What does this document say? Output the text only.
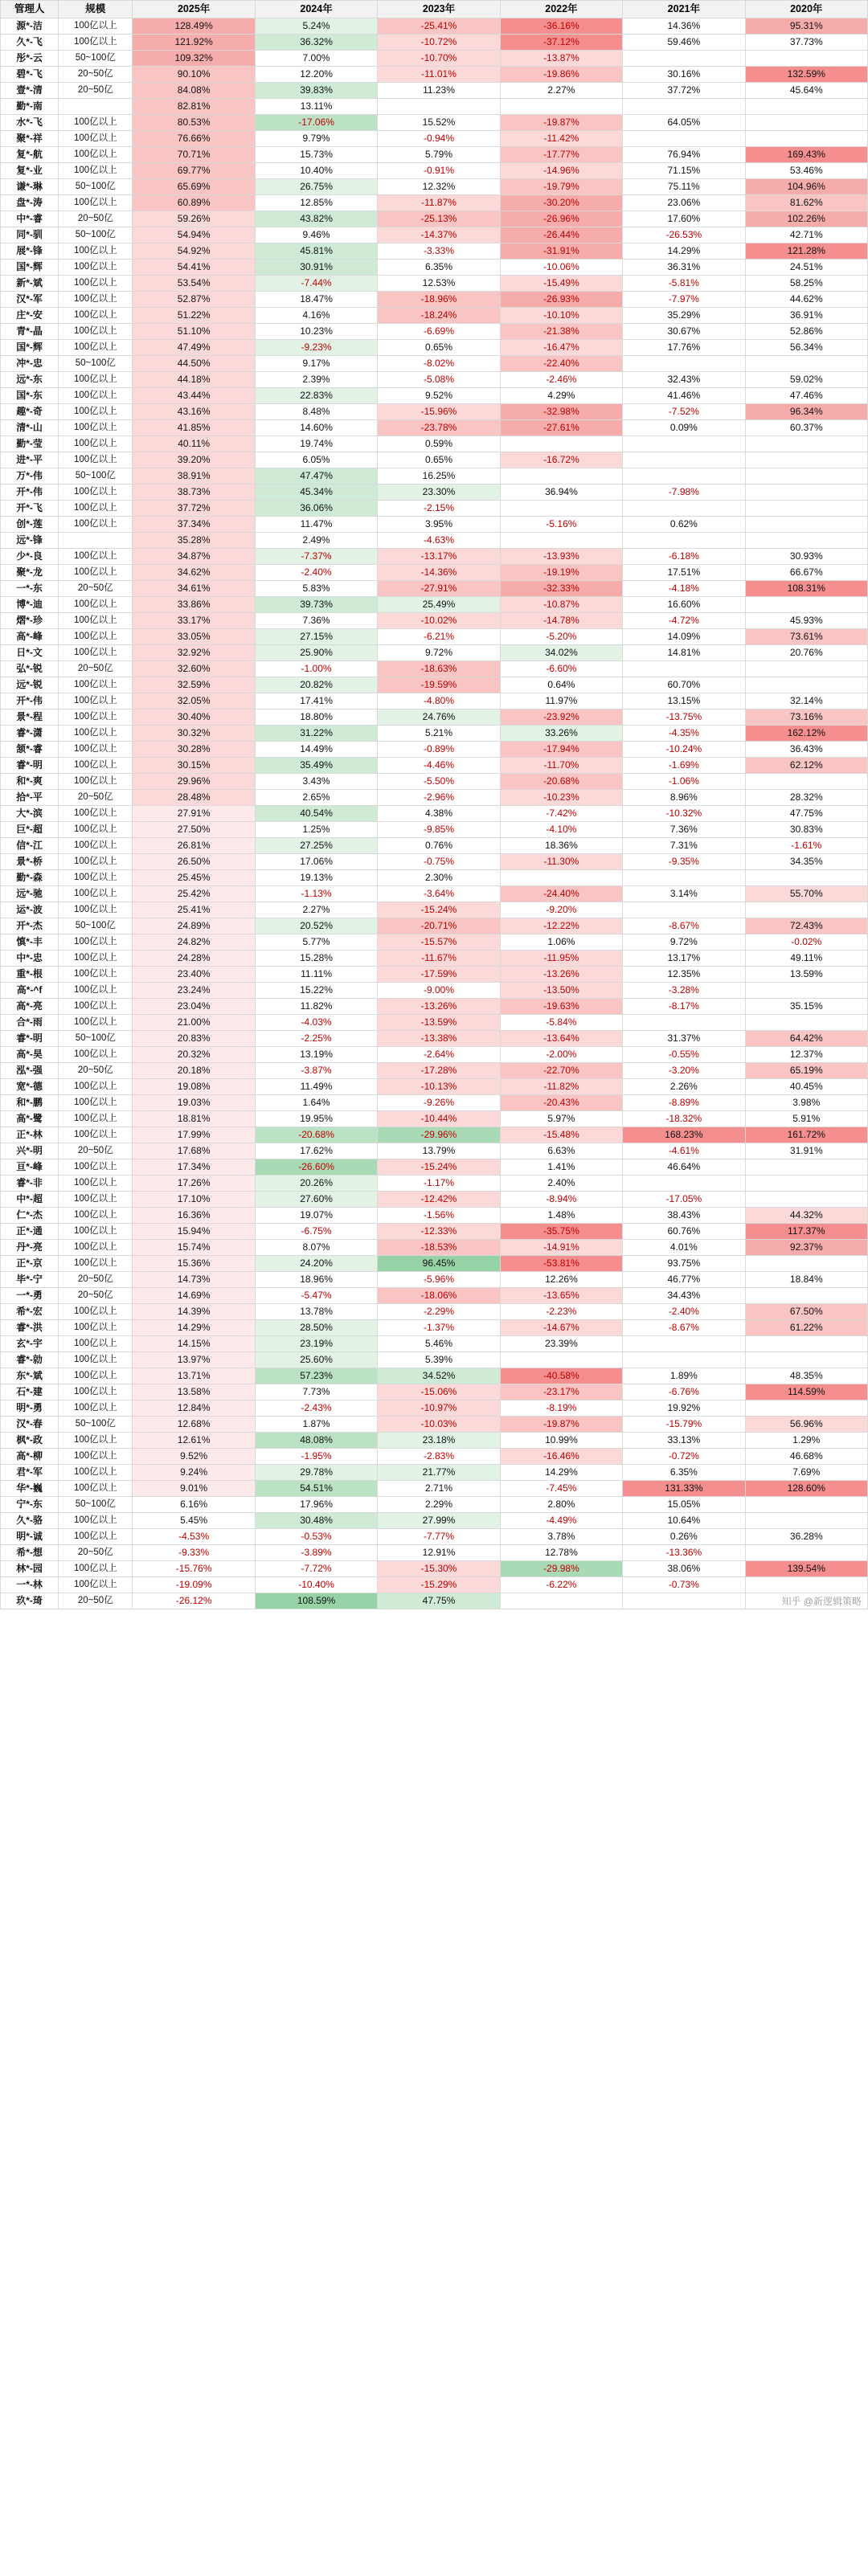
管理人	规模	2025年	2024年	2023年	2022年	2021年	2020年
源*-洁	100亿以上	128.49%	5.24%	-25.41%	-36.16%	14.36%	95.31%
久*-飞	100亿以上	121.92%	36.32%	-10.72%	-37.12%	59.46%	37.73%
彤*-云	50~100亿	109.32%	7.00%	-10.70%	-13.87%		
碧*-飞	20~50亿	90.10%	12.20%	-11.01%	-19.86%	30.16%	132.59%
壹*-清	20~50亿	84.08%	39.83%	11.23%	2.27%	37.72%	45.64%
勤*-南		82.81%	13.11%				
水*-飞	100亿以上	80.53%	-17.06%	15.52%	-19.87%	64.05%	
聚*-祥	100亿以上	76.66%	9.79%	-0.94%	-11.42%		
复*-航	100亿以上	70.71%	15.73%	5.79%	-17.77%	76.94%	169.43%
复*-业	100亿以上	69.77%	10.40%	-0.91%	-14.96%	71.15%	53.46%
谦*-琳	50~100亿	65.69%	26.75%	12.32%	-19.79%	75.11%	104.96%
盘*-涛	100亿以上	60.89%	12.85%	-11.87%	-30.20%	23.06%	81.62%
中*-睿	20~50亿	59.26%	43.82%	-25.13%	-26.96%	17.60%	102.26%
同*-驯	50~100亿	54.94%	9.46%	-14.37%	-26.44%	-26.53%	42.71%
展*-锋	100亿以上	54.92%	45.81%	-3.33%	-31.91%	14.29%	121.28%
国*-辉	100亿以上	54.41%	30.91%	6.35%	-10.06%	36.31%	24.51%
新*-斌	100亿以上	53.54%	-7.44%	12.53%	-15.49%	-5.81%	58.25%
汉*-军	100亿以上	52.87%	18.47%	-18.96%	-26.93%	-7.97%	44.62%
庄*-安	100亿以上	51.22%	4.16%	-18.24%	-10.10%	35.29%	36.91%
青*-晶	100亿以上	51.10%	10.23%	-6.69%	-21.38%	30.67%	52.86%
国*-辉	100亿以上	47.49%	-9.23%	0.65%	-16.47%	17.76%	56.34%
冲*-忠	50~100亿	44.50%	9.17%	-8.02%	-22.40%		
远*-东	100亿以上	44.18%	2.39%	-5.08%	-2.46%	32.43%	59.02%
国*-东	100亿以上	43.44%	22.83%	9.52%	4.29%	41.46%	47.46%
趣*-奇	100亿以上	43.16%	8.48%	-15.96%	-32.98%	-7.52%	96.34%
清*-山	100亿以上	41.85%	14.60%	-23.78%	-27.61%	0.09%	60.37%
勤*-莹	100亿以上	40.11%	19.74%	0.59%			
进*-平	100亿以上	39.20%	6.05%	0.65%	-16.72%		
万*-伟	50~100亿	38.91%	47.47%	16.25%			
开*-伟	100亿以上	38.73%	45.34%	23.30%	36.94%	-7.98%	
开*-飞	100亿以上	37.72%	36.06%	-2.15%			
创*-莲	100亿以上	37.34%	11.47%	3.95%	-5.16%	0.62%	
远*-锋		35.28%	2.49%	-4.63%			
少*-良	100亿以上	34.87%	-7.37%	-13.17%	-13.93%	-6.18%	30.93%
聚*-龙	100亿以上	34.62%	-2.40%	-14.36%	-19.19%	17.51%	66.67%
一*-东	20~50亿	34.61%	5.83%	-27.91%	-32.33%	-4.18%	108.31%
博*-迪	100亿以上	33.86%	39.73%	25.49%	-10.87%	16.60%	
熠*-珍	100亿以上	33.17%	7.36%	-10.02%	-14.78%	-4.72%	45.93%
高*-峰	100亿以上	33.05%	27.15%	-6.21%	-5.20%	14.09%	73.61%
日*-文	100亿以上	32.92%	25.90%	9.72%	34.02%	14.81%	20.76%
弘*-锐	20~50亿	32.60%	-1.00%	-18.63%	-6.60%		
远*-锐	100亿以上	32.59%	20.82%	-19.59%	0.64%	60.70%	
开*-伟	100亿以上	32.05%	17.41%	-4.80%	11.97%	13.15%	32.14%
景*-程	100亿以上	30.40%	18.80%	24.76%	-23.92%	-13.75%	73.16%
睿*-潇	100亿以上	30.32%	31.22%	5.21%	33.26%	-4.35%	162.12%
颔*-睿	100亿以上	30.28%	14.49%	-0.89%	-17.94%	-10.24%	36.43%
睿*-明	100亿以上	30.15%	35.49%	-4.46%	-11.70%	-1.69%	62.12%
和*-爽	100亿以上	29.96%	3.43%	-5.50%	-20.68%	-1.06%	
拾*-平	20~50亿	28.48%	2.65%	-2.96%	-10.23%	8.96%	28.32%
大*-滨	100亿以上	27.91%	40.54%	4.38%	-7.42%	-10.32%	47.75%
巨*-超	100亿以上	27.50%	1.25%	-9.85%	-4.10%	7.36%	30.83%
信*-江	100亿以上	26.81%	27.25%	0.76%	18.36%	7.31%	-1.61%
景*-桥	100亿以上	26.50%	17.06%	-0.75%	-11.30%	-9.35%	34.35%
勤*-森	100亿以上	25.45%	19.13%	2.30%			
远*-驰	100亿以上	25.42%	-1.13%	-3.64%	-24.40%	3.14%	55.70%
运*-波	100亿以上	25.41%	2.27%	-15.24%	-9.20%		
开*-杰	50~100亿	24.89%	20.52%	-20.71%	-12.22%	-8.67%	72.43%
慎*-丰	100亿以上	24.82%	5.77%	-15.57%	1.06%	9.72%	-0.02%
中*-忠	100亿以上	24.28%	15.28%	-11.67%	-11.95%	13.17%	49.11%
重*-根	100亿以上	23.40%	11.11%	-17.59%	-13.26%	12.35%	13.59%
高*-^f	100亿以上	23.24%	15.22%	-9.00%	-13.50%	-3.28%	
高*-亮	100亿以上	23.04%	11.82%	-13.26%	-19.63%	-8.17%	35.15%
合*-雨	100亿以上	21.00%	-4.03%	-13.59%	-5.84%		
睿*-明	50~100亿	20.83%	-2.25%	-13.38%	-13.64%	31.37%	64.42%
高*-昊	100亿以上	20.32%	13.19%	-2.64%	-2.00%	-0.55%	12.37%
泓*-强	20~50亿	20.18%	-3.87%	-17.28%	-22.70%	-3.20%	65.19%
宽*-德	100亿以上	19.08%	11.49%	-10.13%	-11.82%	2.26%	40.45%
和*-鹏	100亿以上	19.03%	1.64%	-9.26%	-20.43%	-8.89%	3.98%
高*-鹭	100亿以上	18.81%	19.95%	-10.44%	5.97%	-18.32%	5.91%
正*-林	100亿以上	17.99%	-20.68%	-29.96%	-15.48%	168.23%	161.72%
兴*-明	20~50亿	17.68%	17.62%	13.79%	6.63%	-4.61%	31.91%
亘*-峰	100亿以上	17.34%	-26.60%	-15.24%	1.41%	46.64%	
睿*-非	100亿以上	17.26%	20.26%	-1.17%	2.40%		
中*-超	100亿以上	17.10%	27.60%	-12.42%	-8.94%	-17.05%	
仁*-杰	100亿以上	16.36%	19.07%	-1.56%	1.48%	38.43%	44.32%
正*-通	100亿以上	15.94%	-6.75%	-12.33%	-35.75%	60.76%	117.37%
丹*-亮	100亿以上	15.74%	8.07%	-18.53%	-14.91%	4.01%	92.37%
正*-京	100亿以上	15.36%	24.20%	96.45%	-53.81%	93.75%	
毕*-宁	20~50亿	14.73%	18.96%	-5.96%	12.26%	46.77%	18.84%
一*-勇	20~50亿	14.69%	-5.47%	-18.06%	-13.65%	34.43%	
希*-宏	100亿以上	14.39%	13.78%	-2.29%	-2.23%	-2.40%	67.50%
睿*-洪	100亿以上	14.29%	28.50%	-1.37%	-14.67%	-8.67%	61.22%
玄*-宇	100亿以上	14.15%	23.19%	5.46%	23.39%		
睿*-勍	100亿以上	13.97%	25.60%	5.39%			
东*-斌	100亿以上	13.71%	57.23%	34.52%	-40.58%	1.89%	48.35%
石*-建	100亿以上	13.58%	7.73%	-15.06%	-23.17%	-6.76%	114.59%
明*-勇	100亿以上	12.84%	-2.43%	-10.97%	-8.19%	19.92%	
汉*-春	50~100亿	12.68%	1.87%	-10.03%	-19.87%	-15.79%	56.96%
枫*-政	100亿以上	12.61%	48.08%	23.18%	10.99%	33.13%	1.29%
高*-柳	100亿以上	9.52%	-1.95%	-2.83%	-16.46%	-0.72%	46.68%
君*-军	100亿以上	9.24%	29.78%	21.77%	14.29%	6.35%	7.69%
华*-巍	100亿以上	9.01%	54.51%	2.71%	-7.45%	131.33%	128.60%
宁*-东	50~100亿	6.16%	17.96%	2.29%	2.80%	15.05%	
久*-骆	100亿以上	5.45%	30.48%	27.99%	-4.49%	10.64%	
明*-诚	100亿以上	-4.53%	-0.53%	-7.77%	3.78%	0.26%	36.28%
希*-想	20~50亿	-9.33%	-3.89%	12.91%	12.78%	-13.36%	
林*-园	100亿以上	-15.76%	-7.72%	-15.30%	-29.98%	38.06%	139.54%
一*-林	100亿以上	-19.09%	-10.40%	-15.29%	-6.22%	-0.73%	
玖*-琦	20~50亿	-26.12%	108.59%	47.75%				知乎 @新逻辑策略
